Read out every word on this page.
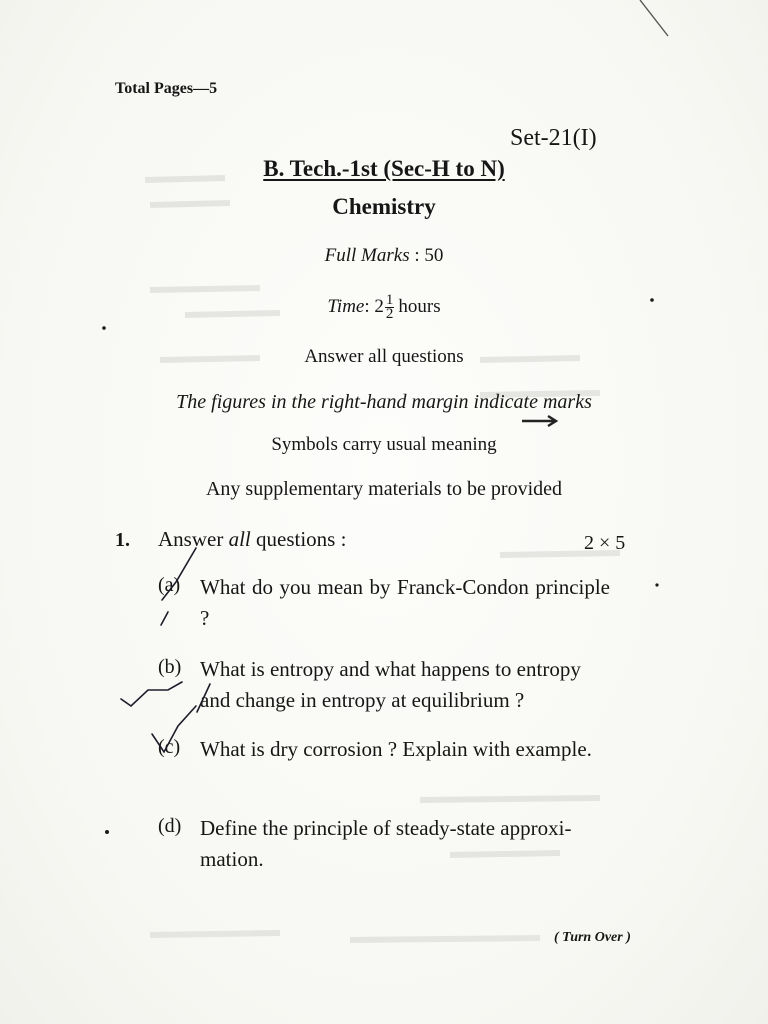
Total Pages—5
Set-21(I)
B. Tech.-1st (Sec-H to N)
Chemistry
Full Marks : 50
Time: $2 \frac{1}{2}$ hours
Answer all questions
The figures in the right-hand margin indicate marks
Symbols carry usual meaning
Any supplementary materials to be provided
1. Answer all questions :	2 × 5
(a) What do you mean by Franck-Condon principle ?
(b) What is entropy and what happens to entropy and change in entropy at equilibrium ?
(c) What is dry corrosion ? Explain with example.
(d) Define the principle of steady-state approxi-mation.
( Turn Over )
